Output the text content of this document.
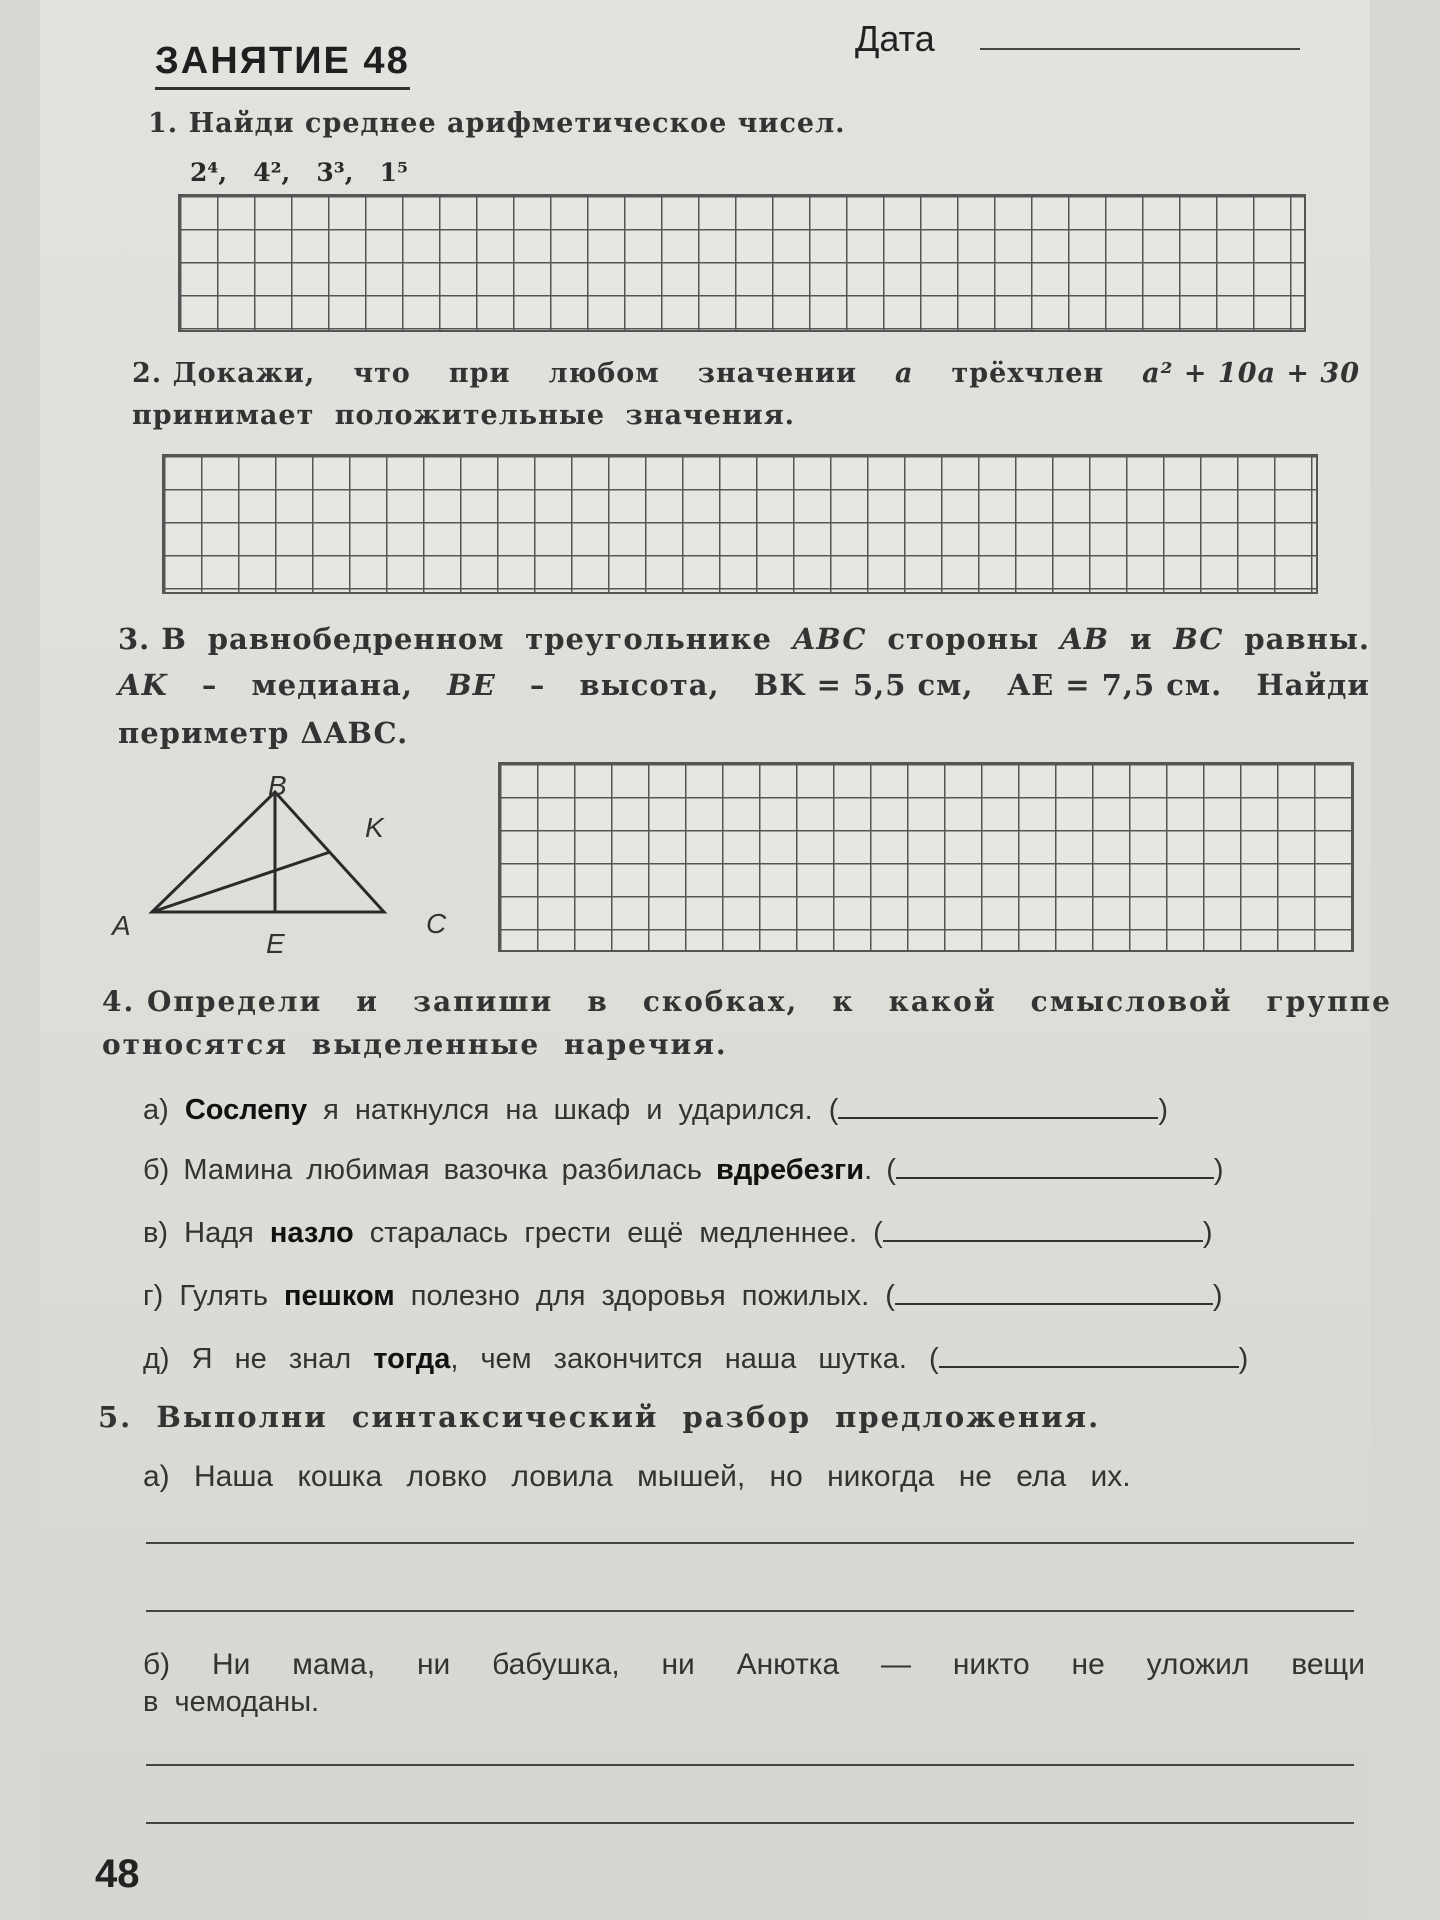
ЗАНЯТИЕ 48
Дата
1. Найди среднее арифметическое чисел.
2⁴, 4², 3³, 1⁵
2. Докажи, что при любом значении a трёхчлен a² + 10a + 30
принимает положительные значения.
3. В равнобедренном треугольнике ABC стороны AB и BC равны.
AK – медиана, BE – высота, BK = 5,5 см, AE = 7,5 см. Найди
периметр ΔABC.
B
K
A
E
C
4. Определи и запиши в скобках, к какой смысловой группе
относятся выделенные наречия.
а) Сослепу я наткнулся на шкаф и ударился. (	)
б) Мамина любимая вазочка разбилась вдребезги. (	)
в) Надя назло старалась грести ещё медленнее. (	)
г) Гулять пешком полезно для здоровья пожилых. (	)
д) Я не знал тогда, чем закончится наша шутка. (	)
5. Выполни синтаксический разбор предложения.
а) Наша кошка ловко ловила мышей, но никогда не ела их.
б) Ни мама, ни бабушка, ни Анютка — никто не уложил вещи
в чемоданы.
48
